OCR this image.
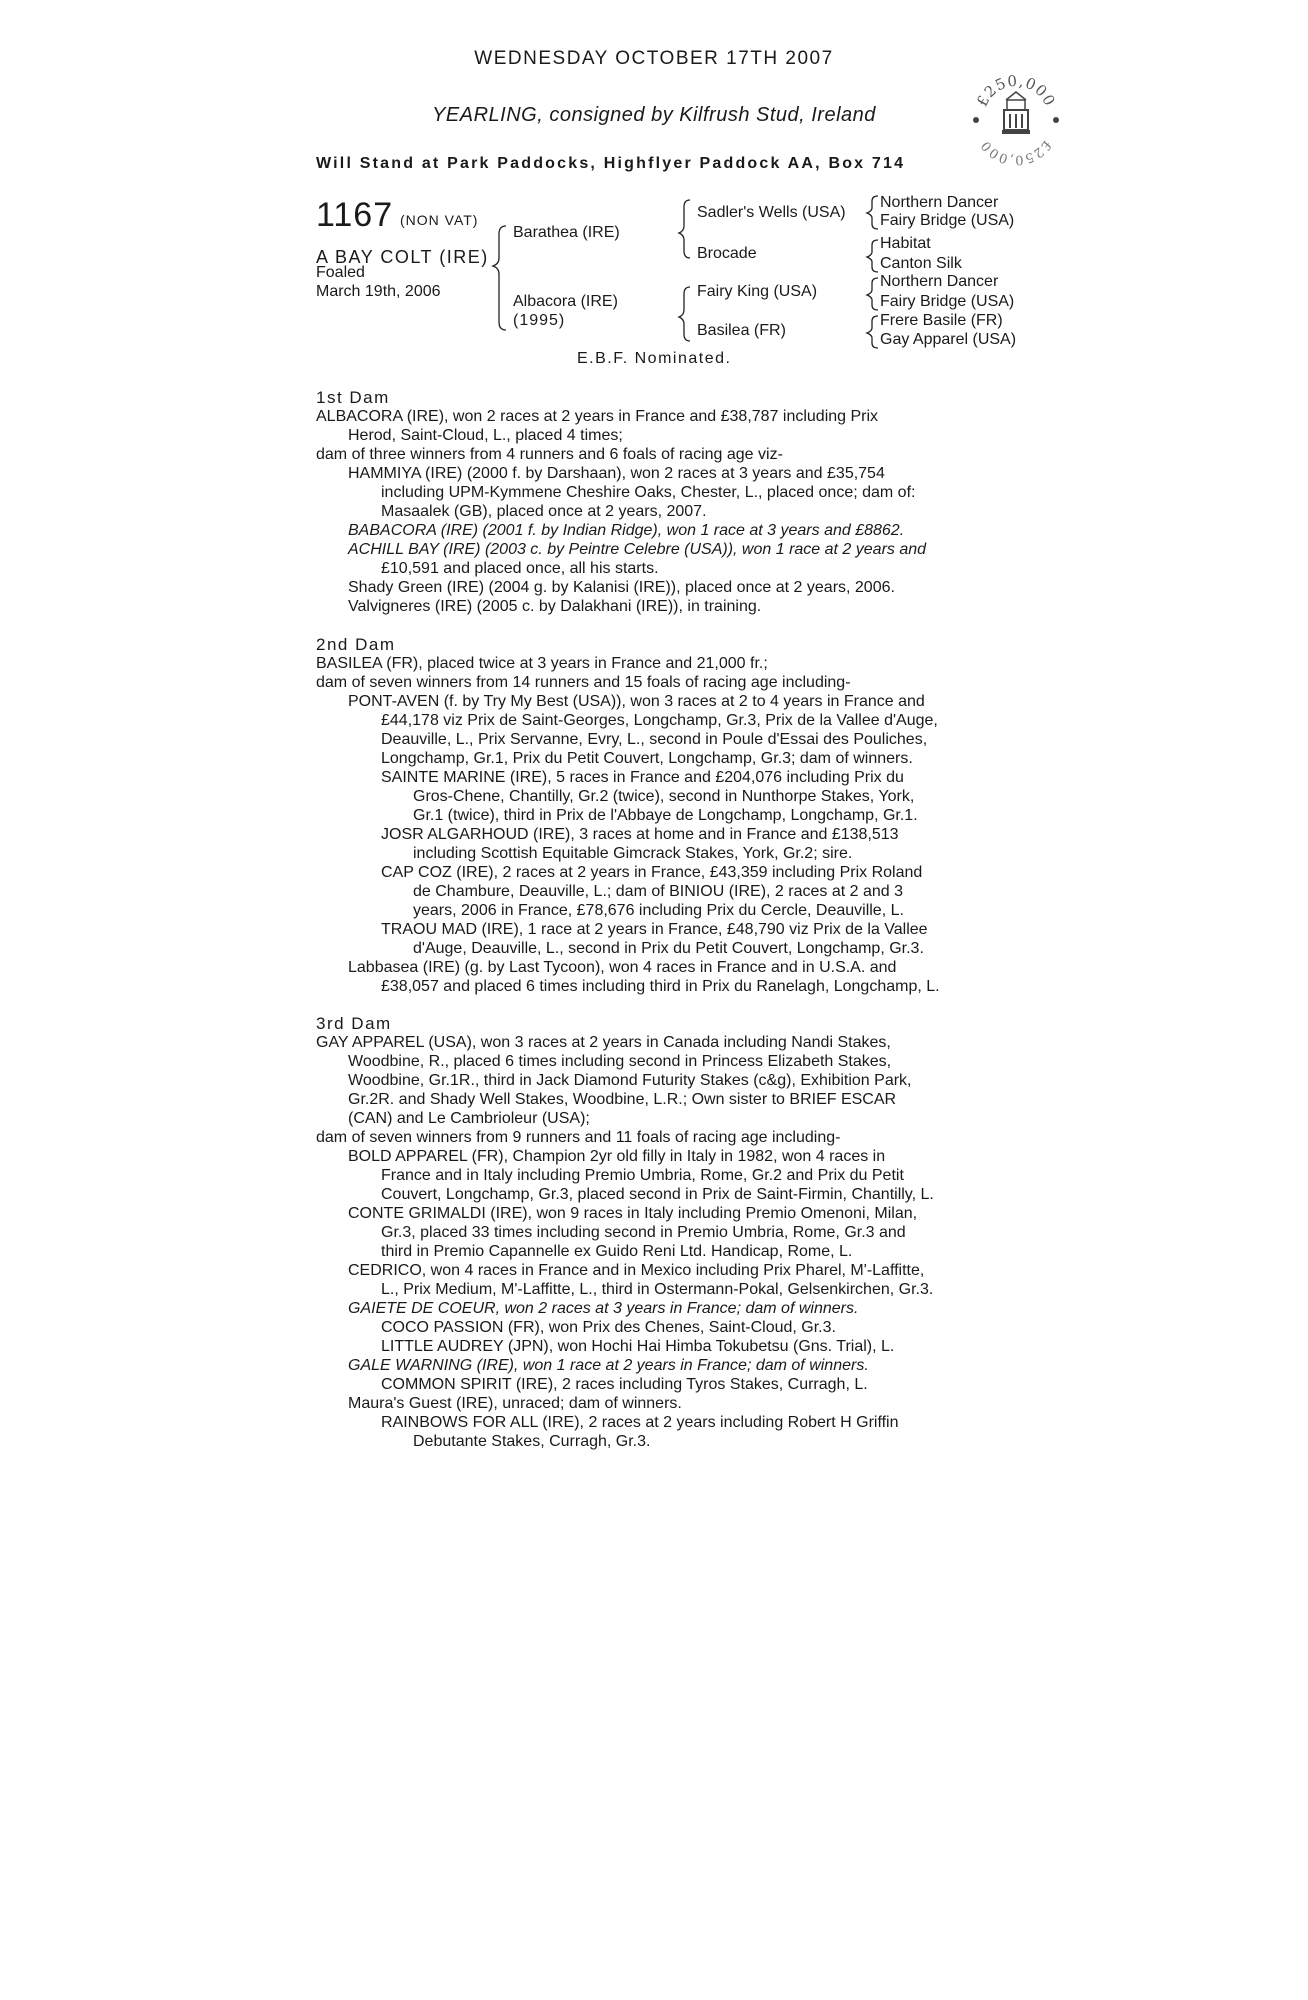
WEDNESDAY OCTOBER 17TH 2007
YEARLING, consigned by Kilfrush Stud, Ireland
Will Stand at Park Paddocks, Highflyer Paddock AA, Box 714
£250,000
£250,000
1167 (NON VAT)
A BAY COLT (IRE)
Foaled
March 19th, 2006
Barathea (IRE)
Albacora (IRE)
(1995)
Sadler's Wells (USA)
Brocade
Fairy King (USA)
Basilea (FR)
Northern Dancer
Fairy Bridge (USA)
Habitat
Canton Silk
Northern Dancer
Fairy Bridge (USA)
Frere Basile (FR)
Gay Apparel (USA)
E.B.F. Nominated.
1st Dam
ALBACORA (IRE), won 2 races at 2 years in France and £38,787 including Prix
Herod, Saint-Cloud, L., placed 4 times;
dam of three winners from 4 runners and 6 foals of racing age viz-
HAMMIYA (IRE) (2000 f. by Darshaan), won 2 races at 3 years and £35,754
including UPM-Kymmene Cheshire Oaks, Chester, L., placed once; dam of:
Masaalek (GB), placed once at 2 years, 2007.
BABACORA (IRE) (2001 f. by Indian Ridge), won 1 race at 3 years and £8862.
ACHILL BAY (IRE) (2003 c. by Peintre Celebre (USA)), won 1 race at 2 years and
£10,591 and placed once, all his starts.
Shady Green (IRE) (2004 g. by Kalanisi (IRE)), placed once at 2 years, 2006.
Valvigneres (IRE) (2005 c. by Dalakhani (IRE)), in training.
2nd Dam
BASILEA (FR), placed twice at 3 years in France and 21,000 fr.;
dam of seven winners from 14 runners and 15 foals of racing age including-
PONT-AVEN (f. by Try My Best (USA)), won 3 races at 2 to 4 years in France and
£44,178 viz Prix de Saint-Georges, Longchamp, Gr.3, Prix de la Vallee d'Auge,
Deauville, L., Prix Servanne, Evry, L., second in Poule d'Essai des Pouliches,
Longchamp, Gr.1, Prix du Petit Couvert, Longchamp, Gr.3; dam of winners.
SAINTE MARINE (IRE), 5 races in France and £204,076 including Prix du
Gros-Chene, Chantilly, Gr.2 (twice), second in Nunthorpe Stakes, York,
Gr.1 (twice), third in Prix de l'Abbaye de Longchamp, Longchamp, Gr.1.
JOSR ALGARHOUD (IRE), 3 races at home and in France and £138,513
including Scottish Equitable Gimcrack Stakes, York, Gr.2; sire.
CAP COZ (IRE), 2 races at 2 years in France, £43,359 including Prix Roland
de Chambure, Deauville, L.; dam of BINIOU (IRE), 2 races at 2 and 3
years, 2006 in France, £78,676 including Prix du Cercle, Deauville, L.
TRAOU MAD (IRE), 1 race at 2 years in France, £48,790 viz Prix de la Vallee
d'Auge, Deauville, L., second in Prix du Petit Couvert, Longchamp, Gr.3.
Labbasea (IRE) (g. by Last Tycoon), won 4 races in France and in U.S.A. and
£38,057 and placed 6 times including third in Prix du Ranelagh, Longchamp, L.
3rd Dam
GAY APPAREL (USA), won 3 races at 2 years in Canada including Nandi Stakes,
Woodbine, R., placed 6 times including second in Princess Elizabeth Stakes,
Woodbine, Gr.1R., third in Jack Diamond Futurity Stakes (c&g), Exhibition Park,
Gr.2R. and Shady Well Stakes, Woodbine, L.R.; Own sister to BRIEF ESCAR
(CAN) and Le Cambrioleur (USA);
dam of seven winners from 9 runners and 11 foals of racing age including-
BOLD APPAREL (FR), Champion 2yr old filly in Italy in 1982, won 4 races in
France and in Italy including Premio Umbria, Rome, Gr.2 and Prix du Petit
Couvert, Longchamp, Gr.3, placed second in Prix de Saint-Firmin, Chantilly, L.
CONTE GRIMALDI (IRE), won 9 races in Italy including Premio Omenoni, Milan,
Gr.3, placed 33 times including second in Premio Umbria, Rome, Gr.3 and
third in Premio Capannelle ex Guido Reni Ltd. Handicap, Rome, L.
CEDRICO, won 4 races in France and in Mexico including Prix Pharel, M'-Laffitte,
L., Prix Medium, M'-Laffitte, L., third in Ostermann-Pokal, Gelsenkirchen, Gr.3.
GAIETE DE COEUR, won 2 races at 3 years in France; dam of winners.
COCO PASSION (FR), won Prix des Chenes, Saint-Cloud, Gr.3.
LITTLE AUDREY (JPN), won Hochi Hai Himba Tokubetsu (Gns. Trial), L.
GALE WARNING (IRE), won 1 race at 2 years in France; dam of winners.
COMMON SPIRIT (IRE), 2 races including Tyros Stakes, Curragh, L.
Maura's Guest (IRE), unraced; dam of winners.
RAINBOWS FOR ALL (IRE), 2 races at 2 years including Robert H Griffin
Debutante Stakes, Curragh, Gr.3.
